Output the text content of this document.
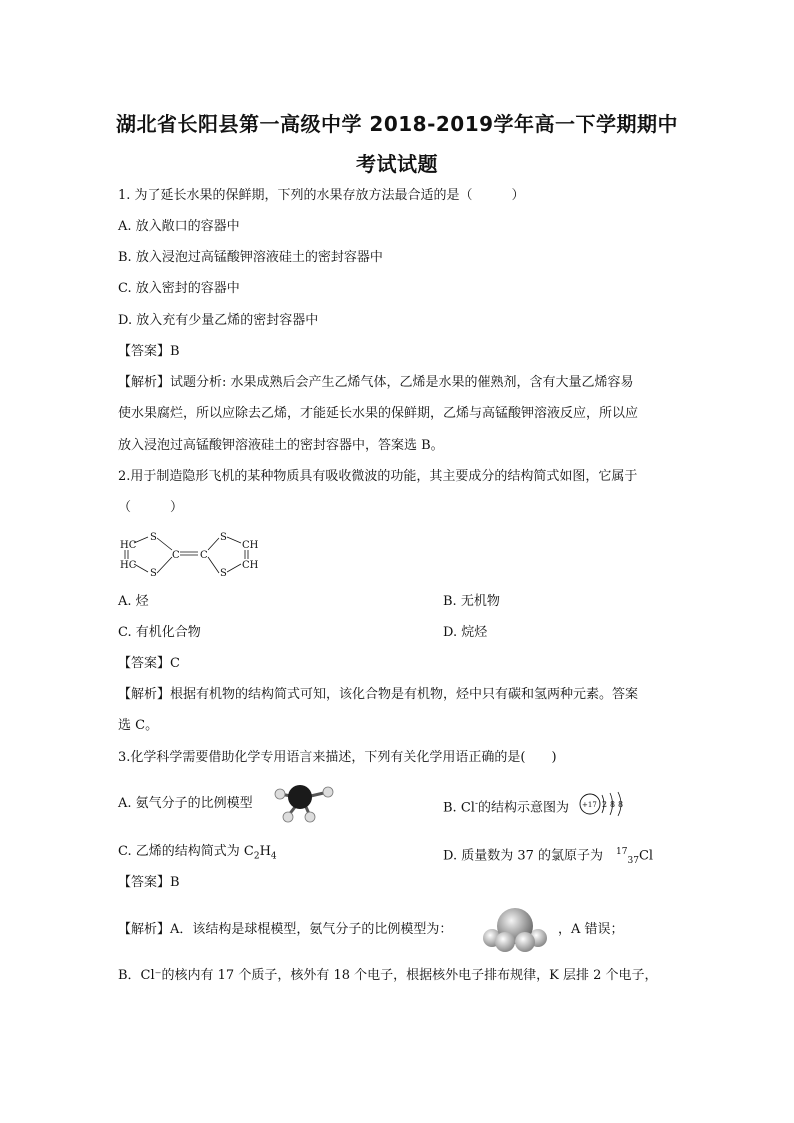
湖北省长阳县第一高级中学 2018-2019学年高一下学期期中
考试试题
1. 为了延长水果的保鲜期，下列的水果存放方法最合适的是（　　　）
A. 放入敞口的容器中
B. 放入浸泡过高锰酸钾溶液硅土的密封容器中
C. 放入密封的容器中
D. 放入充有少量乙烯的密封容器中
【答案】B
【解析】试题分析: 水果成熟后会产生乙烯气体，乙烯是水果的催熟剂，含有大量乙烯容易
使水果腐烂，所以应除去乙烯，才能延长水果的保鲜期，乙烯与高锰酸钾溶液反应，所以应
放入浸泡过高锰酸钾溶液硅土的密封容器中，答案选 B。
2.用于制造隐形飞机的某种物质具有吸收微波的功能，其主要成分的结构简式如图，它属于
（　　　）
HC
HC
S
S
C C
S
S
CH
CH
A. 烃	B. 无机物
C. 有机化合物	D. 烷烃
【答案】C
【解析】根据有机物的结构简式可知，该化合物是有机物，烃中只有碳和氢两种元素。答案
选 C。
3.化学科学需要借助化学专用语言来描述，下列有关化学用语正确的是(　　)
A. 氨气分子的比例模型	B. Cl-的结构示意图为 +17 2 8 8
C. 乙烯的结构简式为 $C_2H_4$	D. 质量数为 37 的氯原子为  $^{17}_{37}$Cl
【答案】B
【解析】A．该结构是球棍模型，氨气分子的比例模型为：	，A 错误；
B．Cl⁻的核内有 17 个质子，核外有 18 个电子，根据核外电子排布规律，K 层排 2 个电子，
